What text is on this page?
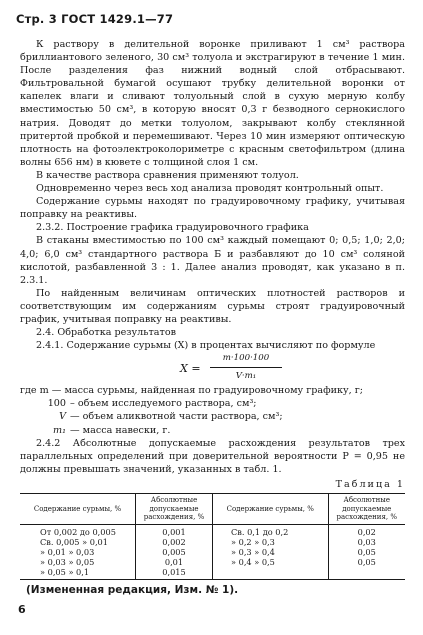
Стр. 3 ГОСТ 1429.1—77

К раствору в делительной воронке приливают 1 см³ раствора бриллиантового зеленого, 30 см³ толуола и экстрагируют в течение 1 мин. После разделения фаз нижний водный слой отбрасывают. Фильтровальной бумагой осушают трубку делительной воронки от капелек влаги и сливают толуольный слой в сухую мерную колбу вместимостью 50 см³, в которую вносят 0,3 г безводного сернокислого натрия. Доводят до метки толуолом, закрывают колбу стеклянной притертой пробкой и перемешивают. Через 10 мин измеряют оптическую плотность на фотоэлектроколориметре с красным светофильтром (длина волны 656 нм) в кювете с толщиной слоя 1 см.

В качестве раствора сравнения применяют толуол.

Одновременно через весь ход анализа проводят контрольный опыт.

Содержание сурьмы находят по градуировочному графику, учитывая поправку на реактивы.

2.3.2. Построение графика градуировочного графика

В стаканы вместимостью по 100 см³ каждый помещают 0; 0,5; 1,0; 2,0; 4,0; 6,0 см³ стандартного раствора Б и разбавляют до 10 см³ соляной кислотой, разбавленной 3 : 1. Далее анализ проводят, как указано в п. 2.3.1.

По найденным величинам оптических плотностей растворов и соответствующим им содержаниям сурьмы строят градуировочный график, учитывая поправку на реактивы.

2.4. Обработка результатов

2.4.1. Содержание сурьмы (X) в процентах вычисляют по формуле

$X = \frac{m\cdot 100\cdot 100}{\text{V·m₁}}$
где m — масса сурьмы, найденная по градуировочному графику, г;
100 – объем исследуемого раствора, см³;
V — объем аликвотной части раствора, см³;
m₁ — масса навески, г.

2.4.2 Абсолютные допускаемые расхождения результатов трех параллельных определений при доверительной вероятности P = 0,95 не должны превышать значений, указанных в табл. 1.

Таблица 1
Содержание сурьмы, %	Абсолютные допускаемые расхождения, %	Содержание сурьмы, %	Абсолютные допускаемые расхождения, %
От 0,002 до 0,005	0,001	Св. 0,1 до 0,2	0,02
Св. 0,005 » 0,01	0,002	» 0,2 » 0,3	0,03
» 0,01 » 0,03	0,005	» 0,3 » 0,4	0,05
» 0,03 » 0,05	0,01	» 0,4 » 0,5	0,05
» 0,05 » 0,1	0,015		
(Измененная редакция, Изм. № 1).
6
